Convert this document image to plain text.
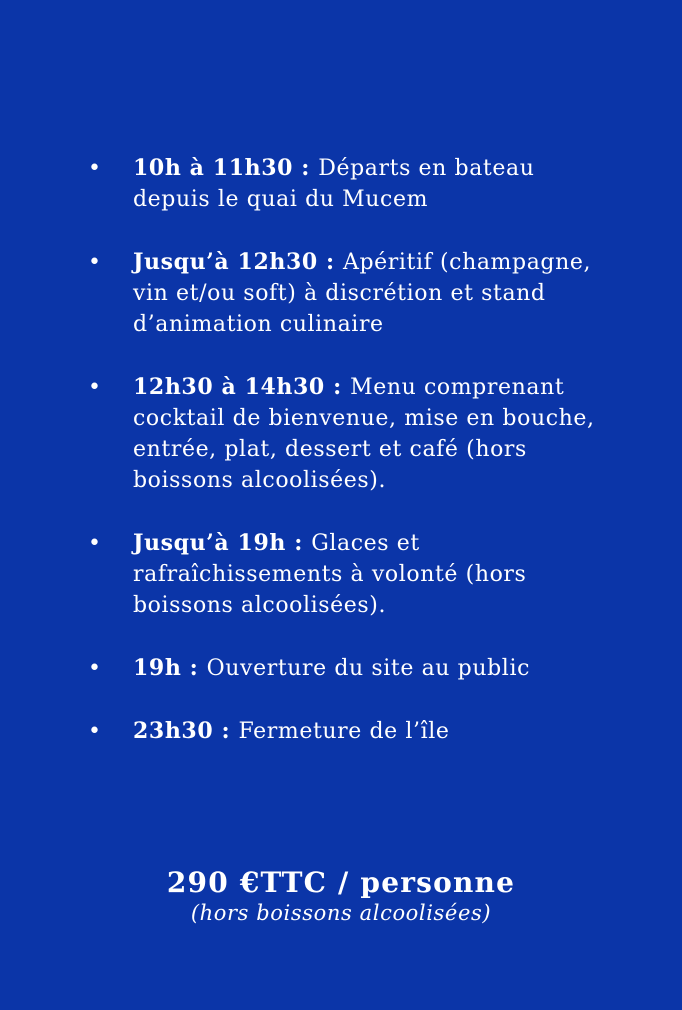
• 10h à 11h30 : Départs en bateau depuis le quai du Mucem
• Jusqu’à 12h30 : Apéritif (champagne, vin et/ou soft) à discrétion et stand d’animation culinaire
• 12h30 à 14h30 : Menu comprenant cocktail de bienvenue, mise en bouche, entrée, plat, dessert et café (hors boissons alcoolisées).
• Jusqu’à 19h : Glaces et rafraîchissements à volonté (hors boissons alcoolisées).
• 19h : Ouverture du site au public
• 23h30 : Fermeture de l’île
290 €TTC / personne
(hors boissons alcoolisées)
